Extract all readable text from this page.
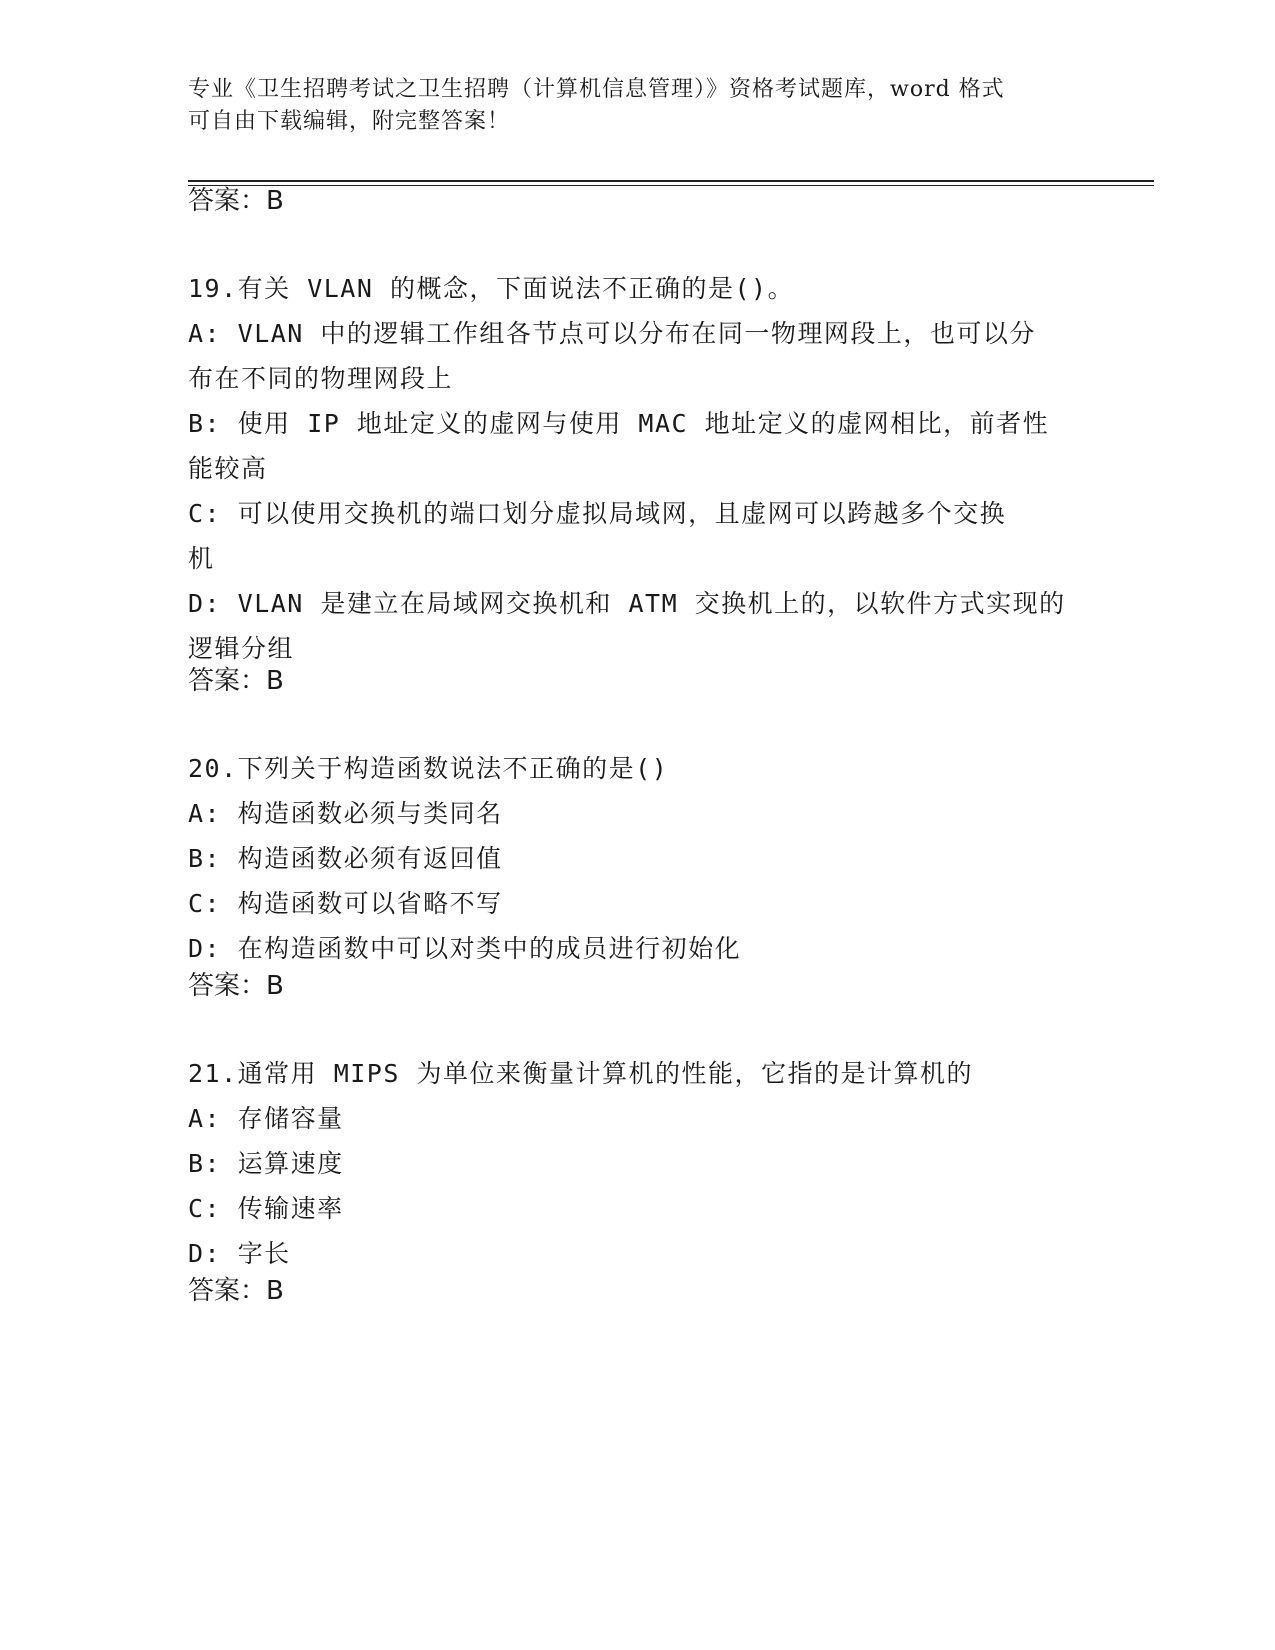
专业《卫生招聘考试之卫生招聘（计算机信息管理）》资格考试题库，word 格式
可自由下载编辑，附完整答案！
答案：B
19.有关 VLAN 的概念，下面说法不正确的是()。
A: VLAN 中的逻辑工作组各节点可以分布在同一物理网段上，也可以分
布在不同的物理网段上
B: 使用 IP 地址定义的虚网与使用 MAC 地址定义的虚网相比，前者性
能较高
C: 可以使用交换机的端口划分虚拟局域网，且虚网可以跨越多个交换
机
D: VLAN 是建立在局域网交换机和 ATM 交换机上的，以软件方式实现的
逻辑分组
答案：B
20.下列关于构造函数说法不正确的是()
A: 构造函数必须与类同名
B: 构造函数必须有返回值
C: 构造函数可以省略不写
D: 在构造函数中可以对类中的成员进行初始化
答案：B
21.通常用 MIPS 为单位来衡量计算机的性能，它指的是计算机的
A: 存储容量
B: 运算速度
C: 传输速率
D: 字长
答案：B
